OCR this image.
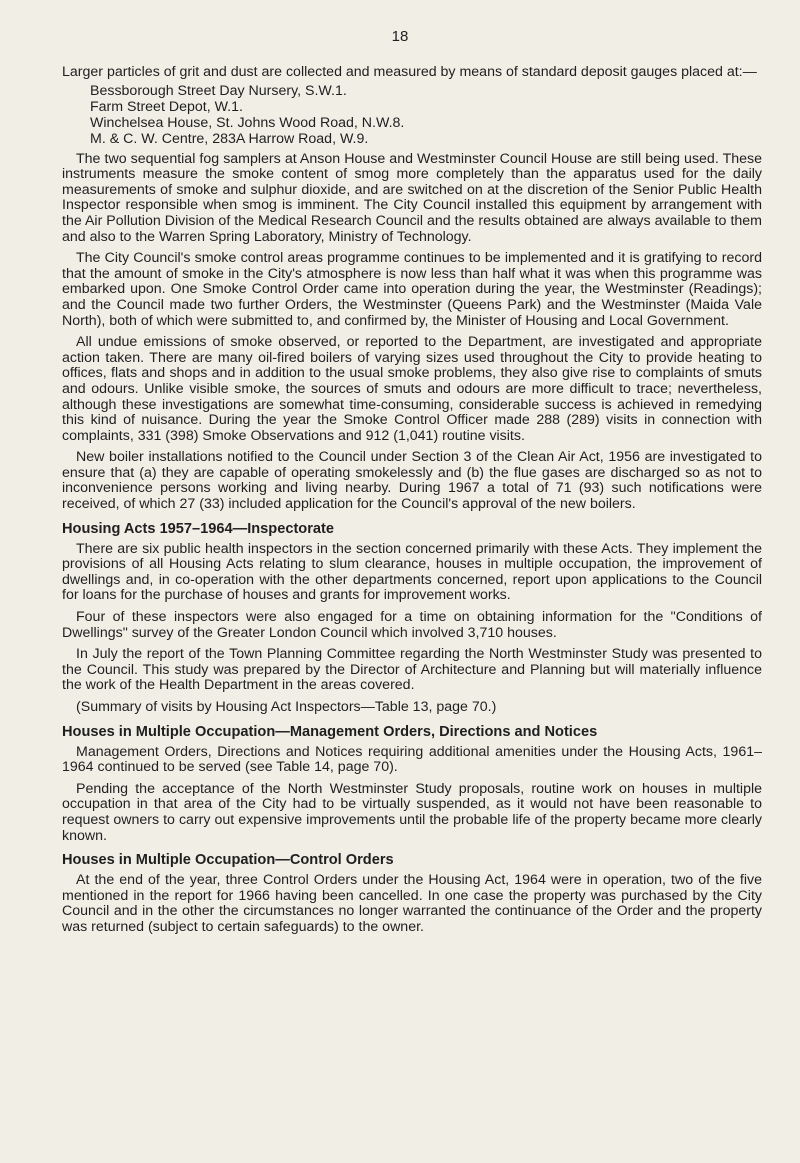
18

Larger particles of grit and dust are collected and measured by means of standard deposit gauges placed at:—

Bessborough Street Day Nursery, S.W.1.
Farm Street Depot, W.1.
Winchelsea House, St. Johns Wood Road, N.W.8.
M. & C. W. Centre, 283A Harrow Road, W.9.

The two sequential fog samplers at Anson House and Westminster Council House are still being used. These instruments measure the smoke content of smog more completely than the apparatus used for the daily measurements of smoke and sulphur dioxide, and are switched on at the discretion of the Senior Public Health Inspector responsible when smog is imminent. The City Council installed this equipment by arrangement with the Air Pollution Division of the Medical Research Council and the results obtained are always available to them and also to the Warren Spring Laboratory, Ministry of Technology.

The City Council's smoke control areas programme continues to be implemented and it is gratifying to record that the amount of smoke in the City's atmosphere is now less than half what it was when this programme was embarked upon. One Smoke Control Order came into operation during the year, the Westminster (Readings); and the Council made two further Orders, the Westminster (Queens Park) and the Westminster (Maida Vale North), both of which were submitted to, and confirmed by, the Minister of Housing and Local Government.

All undue emissions of smoke observed, or reported to the Department, are investigated and appropriate action taken. There are many oil-fired boilers of varying sizes used throughout the City to provide heating to offices, flats and shops and in addition to the usual smoke problems, they also give rise to complaints of smuts and odours. Unlike visible smoke, the sources of smuts and odours are more difficult to trace; nevertheless, although these investigations are somewhat time-consuming, considerable success is achieved in remedying this kind of nuisance. During the year the Smoke Control Officer made 288 (289) visits in connection with complaints, 331 (398) Smoke Observations and 912 (1,041) routine visits.

New boiler installations notified to the Council under Section 3 of the Clean Air Act, 1956 are investigated to ensure that (a) they are capable of operating smokelessly and (b) the flue gases are discharged so as not to inconvenience persons working and living nearby. During 1967 a total of 71 (93) such notifications were received, of which 27 (33) included application for the Council's approval of the new boilers.

Housing Acts 1957–1964—Inspectorate

There are six public health inspectors in the section concerned primarily with these Acts. They implement the provisions of all Housing Acts relating to slum clearance, houses in multiple occupation, the improvement of dwellings and, in co-operation with the other departments concerned, report upon applications to the Council for loans for the purchase of houses and grants for improvement works.

Four of these inspectors were also engaged for a time on obtaining information for the "Conditions of Dwellings" survey of the Greater London Council which involved 3,710 houses.

In July the report of the Town Planning Committee regarding the North Westminster Study was presented to the Council. This study was prepared by the Director of Architecture and Planning but will materially influence the work of the Health Department in the areas covered.

(Summary of visits by Housing Act Inspectors—Table 13, page 70.)

Houses in Multiple Occupation—Management Orders, Directions and Notices

Management Orders, Directions and Notices requiring additional amenities under the Housing Acts, 1961–1964 continued to be served (see Table 14, page 70).

Pending the acceptance of the North Westminster Study proposals, routine work on houses in multiple occupation in that area of the City had to be virtually suspended, as it would not have been reasonable to request owners to carry out expensive improvements until the probable life of the property became more clearly known.

Houses in Multiple Occupation—Control Orders

At the end of the year, three Control Orders under the Housing Act, 1964 were in operation, two of the five mentioned in the report for 1966 having been cancelled. In one case the property was purchased by the City Council and in the other the circumstances no longer warranted the continuance of the Order and the property was returned (subject to certain safeguards) to the owner.
